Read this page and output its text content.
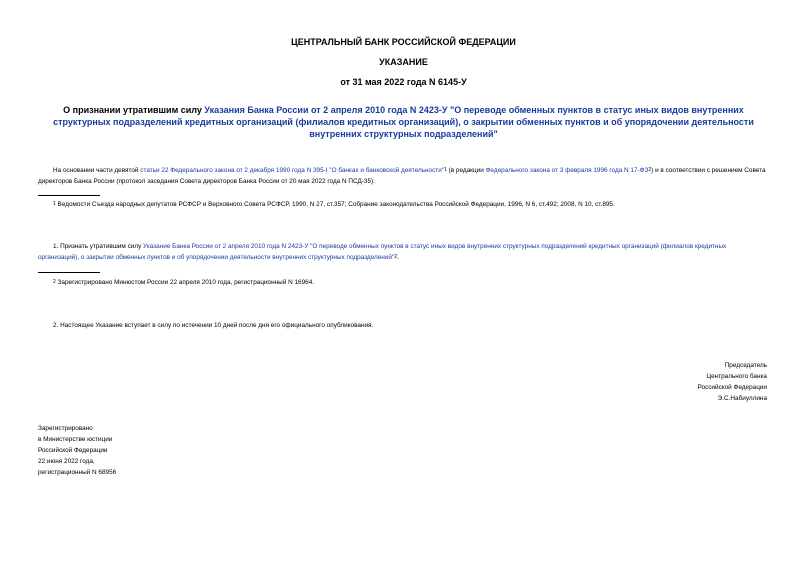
ЦЕНТРАЛЬНЫЙ БАНК РОССИЙСКОЙ ФЕДЕРАЦИИ
УКАЗАНИЕ
от 31 мая 2022 года N 6145-У
О признании утратившим силу Указания Банка России от 2 апреля 2010 года N 2423-У "О переводе обменных пунктов в статус иных видов внутренних структурных подразделений кредитных организаций (филиалов кредитных организаций), о закрытии обменных пунктов и об упорядочении деятельности внутренних структурных подразделений"
На основании части девятой статьи 22 Федерального закона от 2 декабря 1990 года N 395-I "О банках и банковской деятельности"$^1$ (в редакции Федерального закона от 3 февраля 1996 года N $17-ФЗ^2$) и в соответствии с решением Совета директоров Банка России (протокол заседания Совета директоров Банка России от 20 мая 2022 года N ПСД-35):
$^1$ Ведомости Съезда народных депутатов РСФСР и Верховного Совета РСФСР, 1990, N 27, ст.357; Собрание законодательства Российской Федерации, 1996, N 6, ст.492; 2008, N 10, ст.895.
1. Признать утратившим силу Указание Банка России от 2 апреля 2010 года N 2423-У "О переводе обменных пунктов в статус иных видов внутренних структурных подразделений кредитных организаций (филиалов кредитных организаций), о закрытии обменных пунктов и об упорядочении деятельности внутренних структурных подразделений"$^2$.
$^2$ Зарегистрировано Минюстом России 22 апреля 2010 года, регистрационный N 16964.
2. Настоящее Указание вступает в силу по истечении 10 дней после дня его официального опубликования.
Председатель
Центрального банка
Российской Федерации
Э.С.Набиуллина
Зарегистрировано
в Министерстве юстиции
Российской Федерации
22 июня 2022 года,
регистрационный N 68956
